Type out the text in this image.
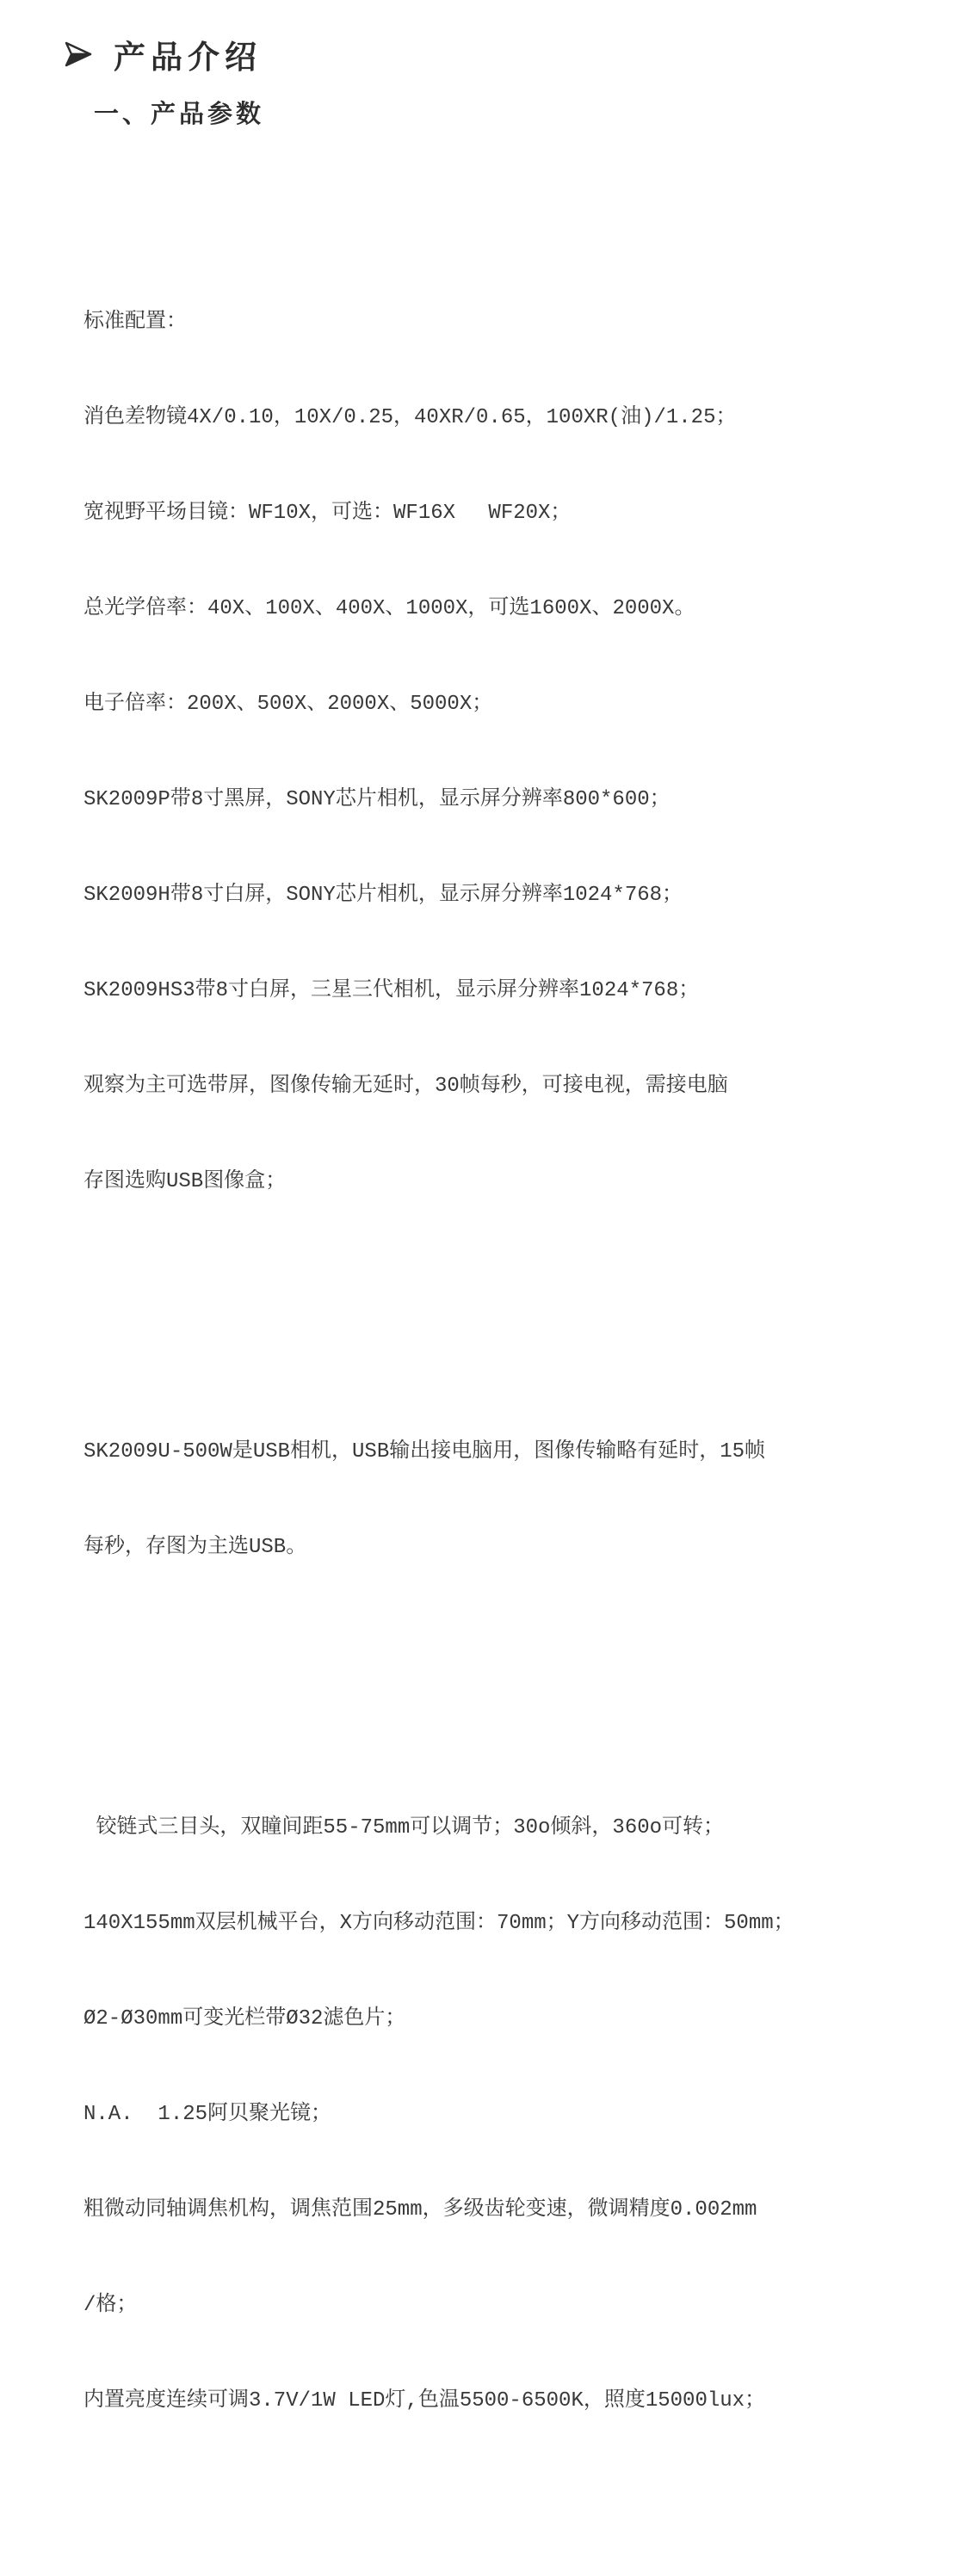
产品介绍
一、产品参数

标准配置：

消色差物镜4X/0.10，10X/0.25，40XR/0.65，100XR(油)/1.25；

宽视野平场目镜：WF10X，可选：WF16X　 WF20X；

总光学倍率：40X、100X、400X、1000X，可选1600X、2000X。

电子倍率：200X、500X、2000X、5000X；

SK2009P带8寸黑屏，SONY芯片相机，显示屏分辨率800*600；

SK2009H带8寸白屏，SONY芯片相机，显示屏分辨率1024*768；

SK2009HS3带8寸白屏，三星三代相机，显示屏分辨率1024*768；

观察为主可选带屏，图像传输无延时，30帧每秒，可接电视，需接电脑

存图选购USB图像盒；

SK2009U-500W是USB相机，USB输出接电脑用，图像传输略有延时，15帧

每秒，存图为主选USB。

铰链式三目头，双瞳间距55-75mm可以调节；30o倾斜，360o可转；

140X155mm双层机械平台，X方向移动范围：70mm；Y方向移动范围：50mm；

Ø2-Ø30mm可变光栏带Ø32滤色片；

N.A.  1.25阿贝聚光镜；

粗微动同轴调焦机构，调焦范围25mm，多级齿轮变速，微调精度0.002mm

/格；

内置亮度连续可调3.7V/1W LED灯,色温5500-6500K，照度15000lux；
